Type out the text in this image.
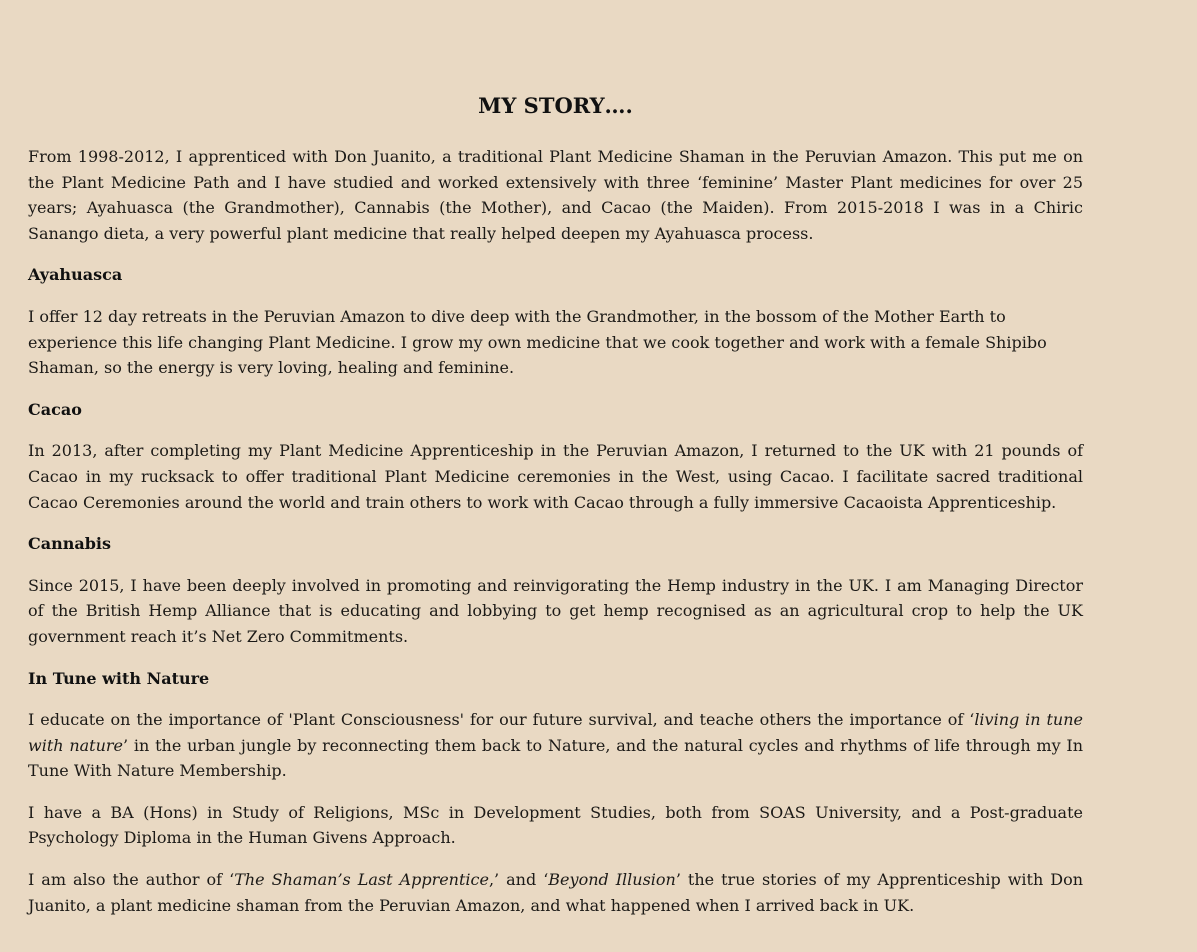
MY STORY….

From 1998-2012, I apprenticed with Don Juanito, a traditional Plant Medicine Shaman in the Peruvian Amazon. This put me on the Plant Medicine Path and I have studied and worked extensively with three ‘feminine’ Master Plant medicines for over 25 years; Ayahuasca (the Grandmother), Cannabis (the Mother), and Cacao (the Maiden). From 2015-2018 I was in a Chiric Sanango dieta, a very powerful plant medicine that really helped deepen my Ayahuasca process.

Ayahuasca

I offer 12 day retreats in the Peruvian Amazon to dive deep with the Grandmother, in the bossom of the Mother Earth to experience this life changing Plant Medicine. I grow my own medicine that we cook together and work with a female Shipibo Shaman, so the energy is very loving, healing and feminine.

Cacao

In 2013, after completing my Plant Medicine Apprenticeship in the Peruvian Amazon, I returned to the UK with 21 pounds of Cacao in my rucksack to offer traditional Plant Medicine ceremonies in the West, using Cacao. I facilitate sacred traditional Cacao Ceremonies around the world and train others to work with Cacao through a fully immersive Cacaoista Apprenticeship.

Cannabis

Since 2015, I have been deeply involved in promoting and reinvigorating the Hemp industry in the UK. I am Managing Director of the British Hemp Alliance that is educating and lobbying to get hemp recognised as an agricultural crop to help the UK government reach it’s Net Zero Commitments.

In Tune with Nature

I educate on the importance of 'Plant Consciousness' for our future survival, and teache others the importance of ‘living in tune with nature’ in the urban jungle by reconnecting them back to Nature, and the natural cycles and rhythms of life through my In Tune With Nature Membership.

I have a BA (Hons) in Study of Religions, MSc in Development Studies, both from SOAS University, and a Post-graduate Psychology Diploma in the Human Givens Approach.

I am also the author of ‘The Shaman’s Last Apprentice,’ and ‘Beyond Illusion’ the true stories of my Apprenticeship with Don Juanito, a plant medicine shaman from the Peruvian Amazon, and what happened when I arrived back in UK.
